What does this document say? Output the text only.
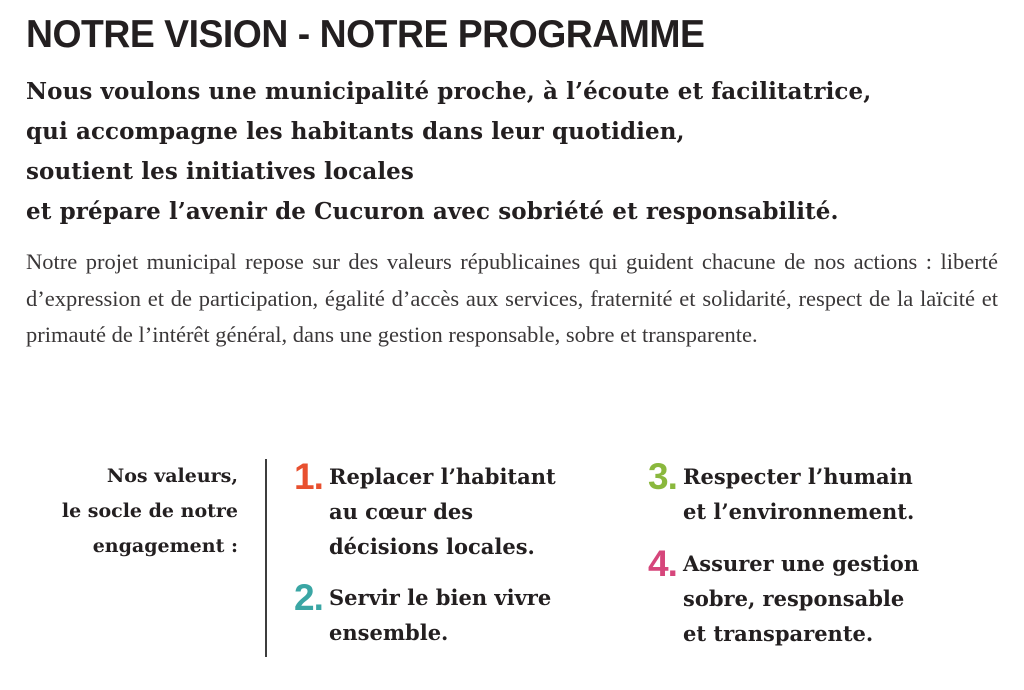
NOTRE VISION - NOTRE PROGRAMME
Nous voulons une municipalité proche, à l’écoute et facilitatrice,
qui accompagne les habitants dans leur quotidien,
soutient les initiatives locales
et prépare l’avenir de Cucuron avec sobriété et responsabilité.

Notre projet municipal repose sur des valeurs républicaines qui guident chacune de nos actions : liberté d’expression et de participation, égalité d’accès aux services, fraternité et solidarité, respect de la laïcité et primauté de l’intérêt général, dans une gestion responsable, sobre et transparente.

Nos valeurs,
le socle de notre
engagement :
1. Replacer l’habitant
au cœur des
décisions locales.
2. Servir le bien vivre
ensemble.
3. Respecter l’humain
et l’environnement.
4. Assurer une gestion
sobre, responsable
et transparente.
